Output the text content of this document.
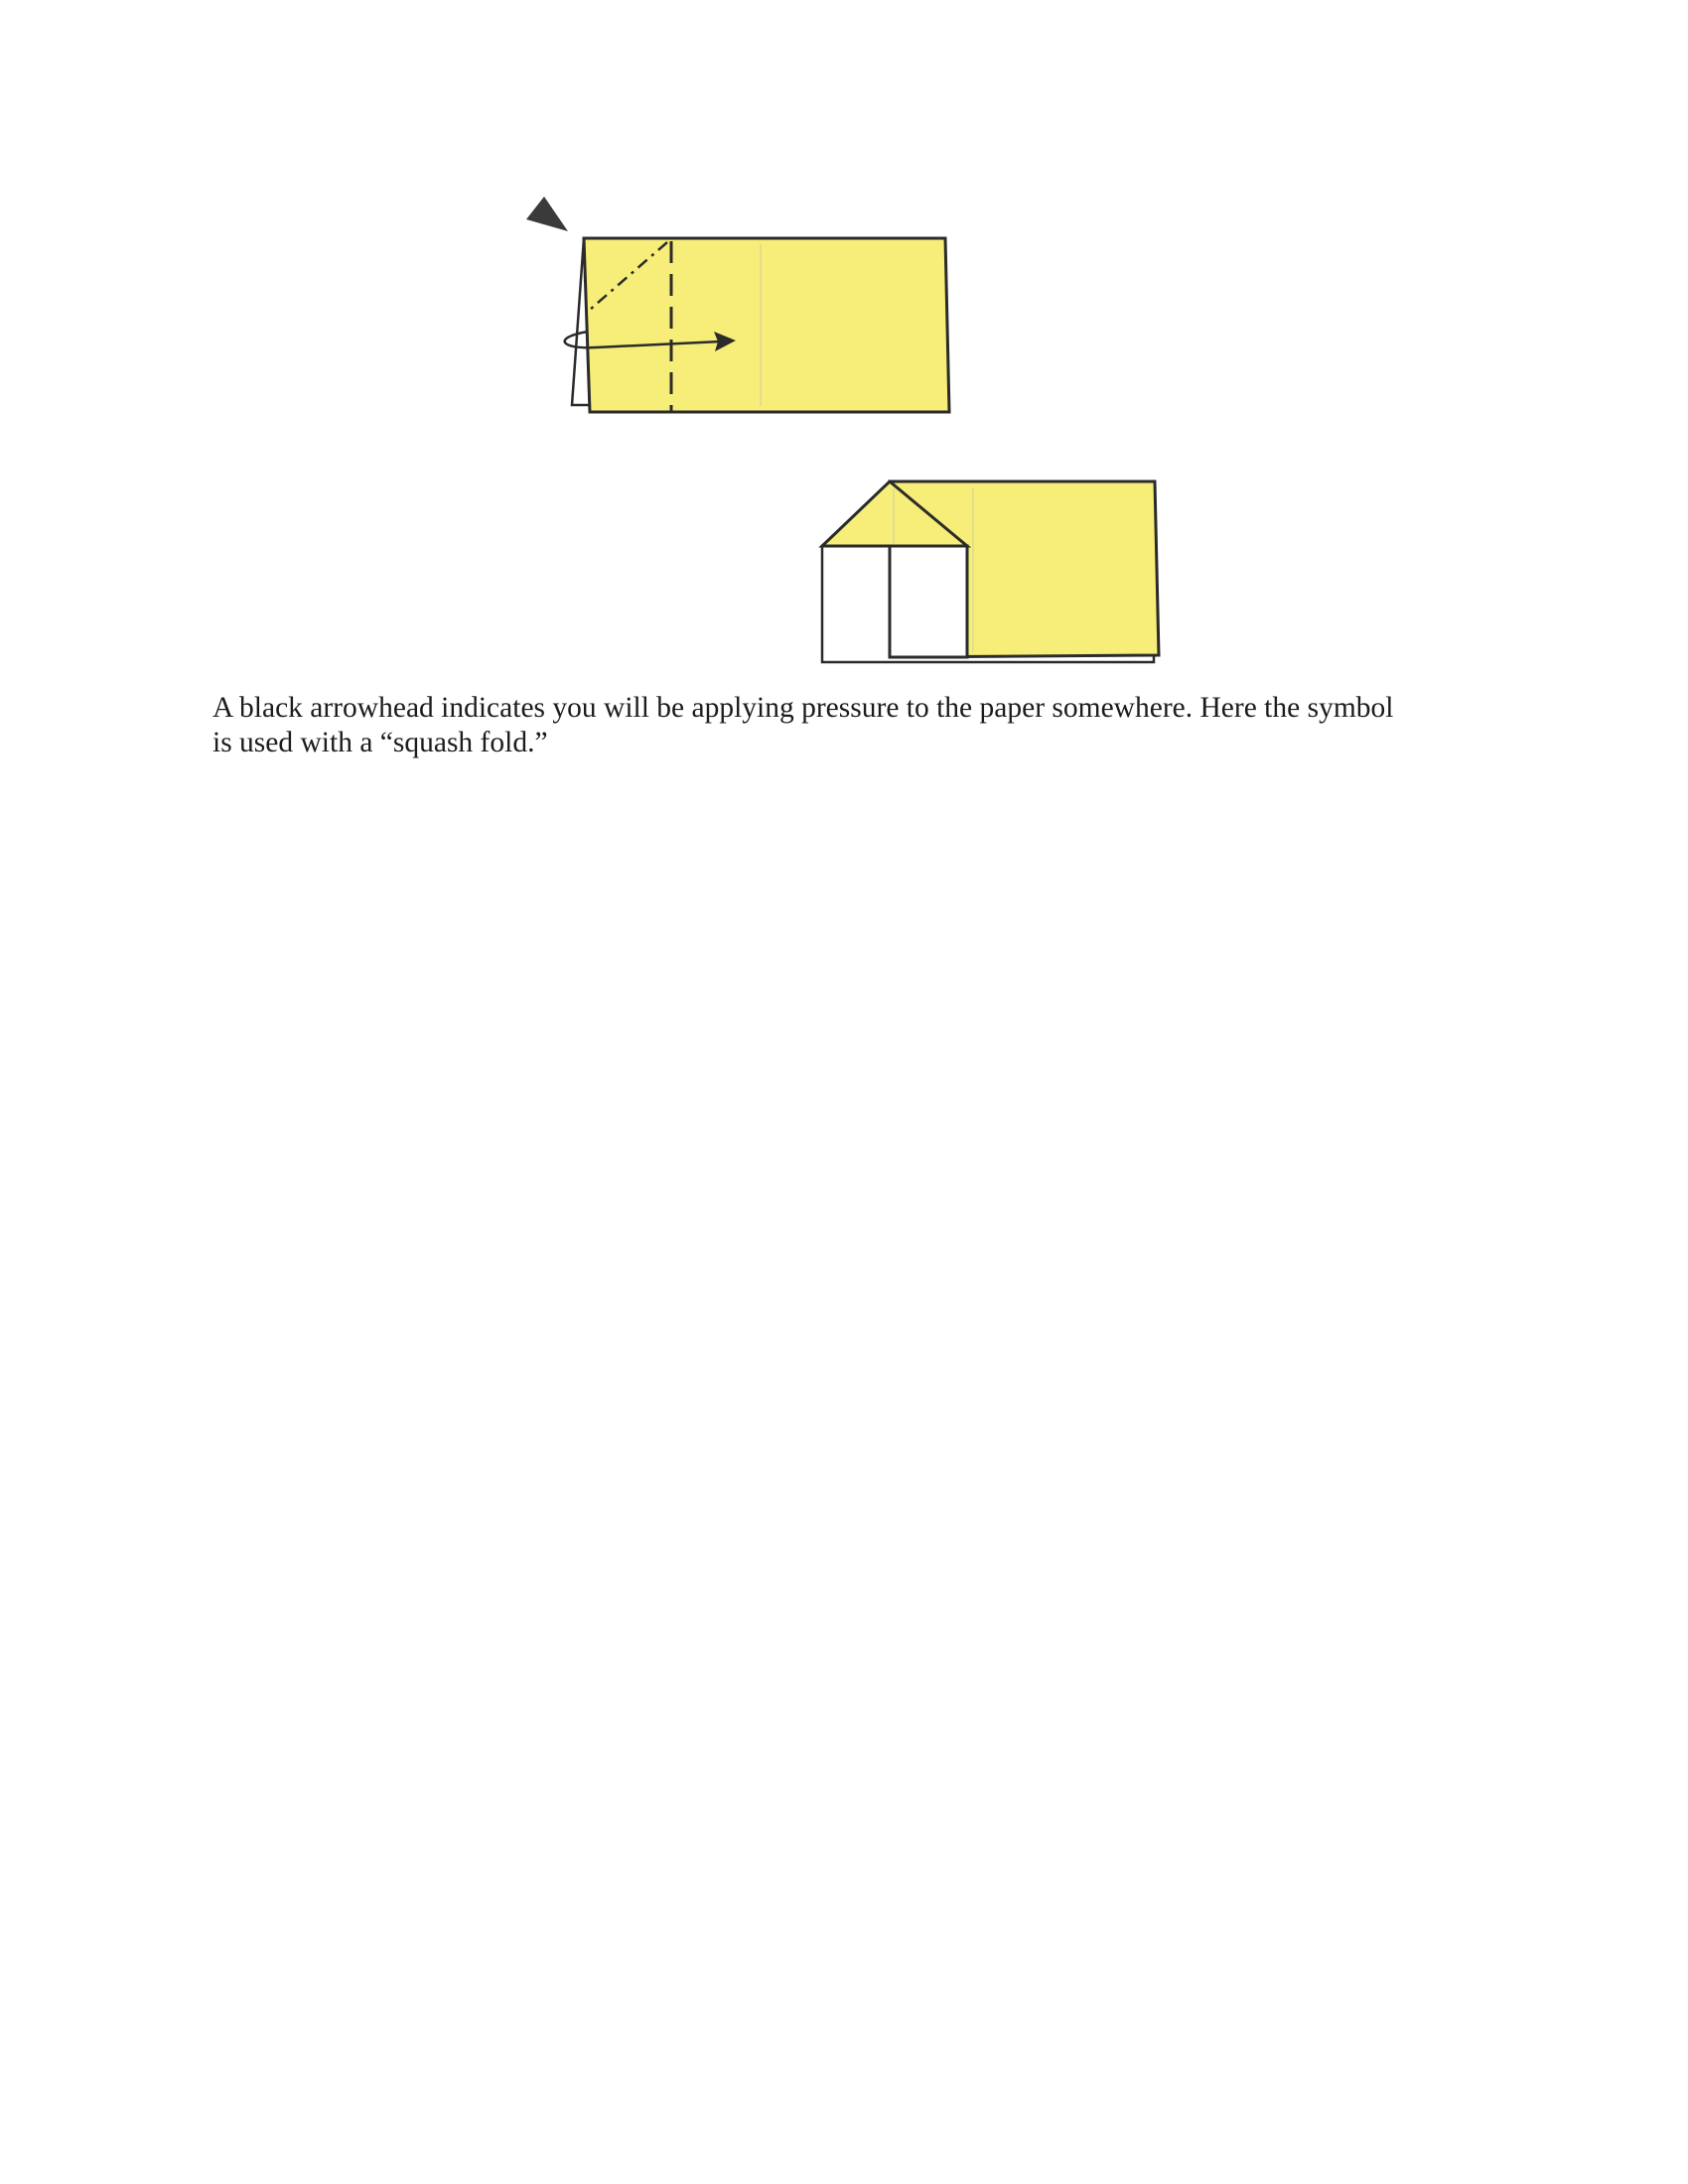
A black arrowhead indicates you will be applying pressure to the paper somewhere. Here the symbol
is used with a “squash fold.”
